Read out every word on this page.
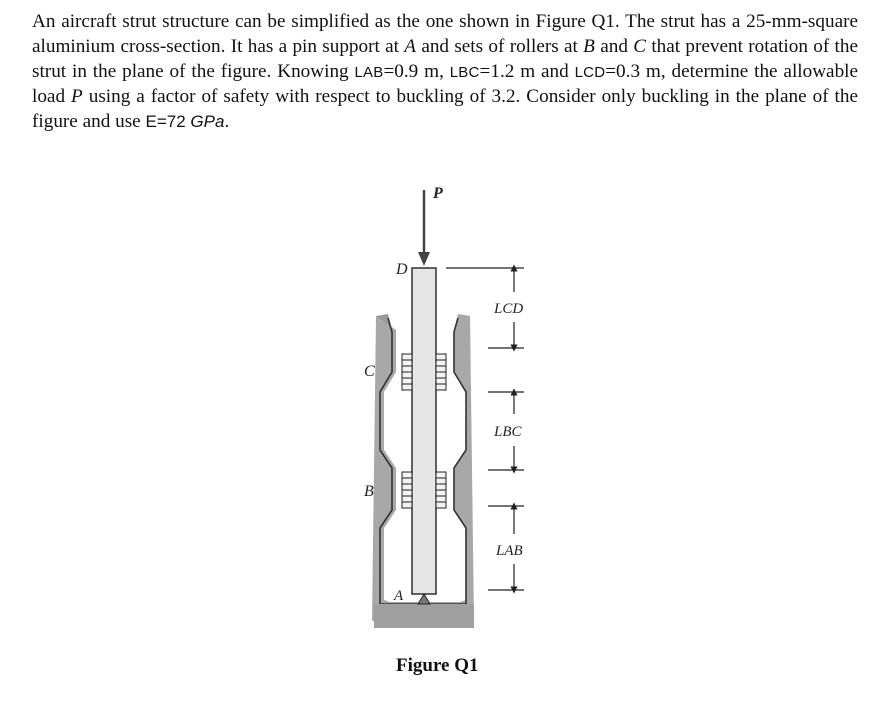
An aircraft strut structure can be simplified as the one shown in Figure Q1. The strut has a 25-mm-square aluminium cross-section. It has a pin support at A and sets of rollers at B and C that prevent rotation of the strut in the plane of the figure. Knowing LAB=0.9 m, LBC=1.2 m and LCD=0.3 m, determine the allowable load P using a factor of safety with respect to buckling of 3.2. Consider only buckling in the plane of the figure and use E=72 GPa.
P
D
C
B
A
LCD
LBC
LAB
Figure Q1
